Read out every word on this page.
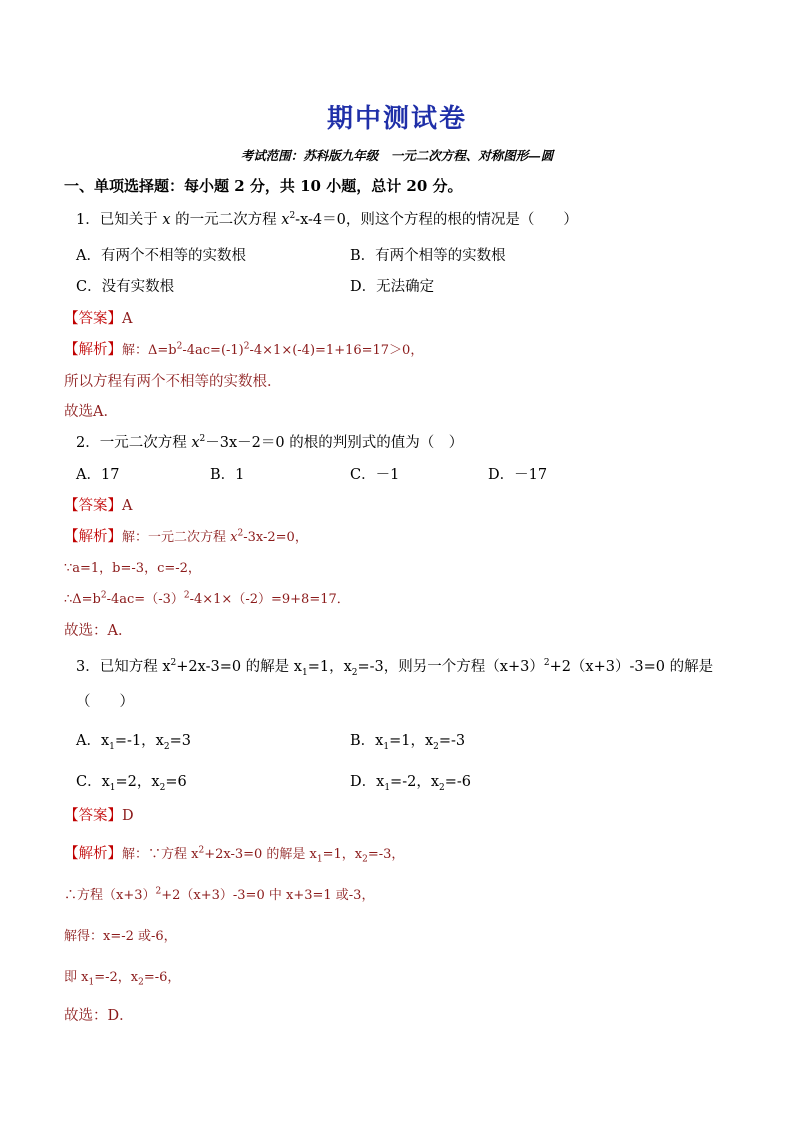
期中测试卷
考试范围：苏科版九年级　一元二次方程、对称图形—圆
一、单项选择题：每小题 2 分，共 10 小题，总计 20 分。
1．已知关于 x 的一元二次方程 $x^2-x-4=0$，则这个方程的根的情况是（　　）
A．有两个不相等的实数根	B．有两个相等的实数根
C．没有实数根	D．无法确定
【答案】A
【解析】解：$\Delta=b^2-4ac=(-1)^2-4\times 1\times(-4)=1+16=17>0$，
所以方程有两个不相等的实数根．
故选A．
2．一元二次方程 $x^2-3x-2=0$ 的根的判别式的值为（　）
A．17	B．1	C．－1	D．－17
【答案】A
【解析】解：一元二次方程 $x^2-3x-2=0$，
∵a=1，b=-3，c=-2，
$\therefore\Delta=b^2-4ac=(-3)^2-4\times 1\times(-2)=9+8=17$．
故选：A．
3．已知方程 $x^2+2x-3=0$ 的解是 $x_1=1$，$x_2=-3$，则另一个方程$(x+3)^2+2(x+3)-3=0$ 的解是
（　　）
A．$x_1=-1$，$x_2=3$	B．$x_1=1$，$x_2=-3$
C．$x_1=2$，$x_2=6$	D．$x_1=-2$，$x_2=-6$
【答案】D
【解析】解：∵方程 $x^2+2x-3=0$ 的解是 $x_1=1$，$x_2=-3$，
∴方程$(x+3)^2+2(x+3)-3=0$ 中 x+3=1 或-3，
解得：x=-2 或-6，
即 $x_1=-2$，$x_2=-6$，
故选：D．
